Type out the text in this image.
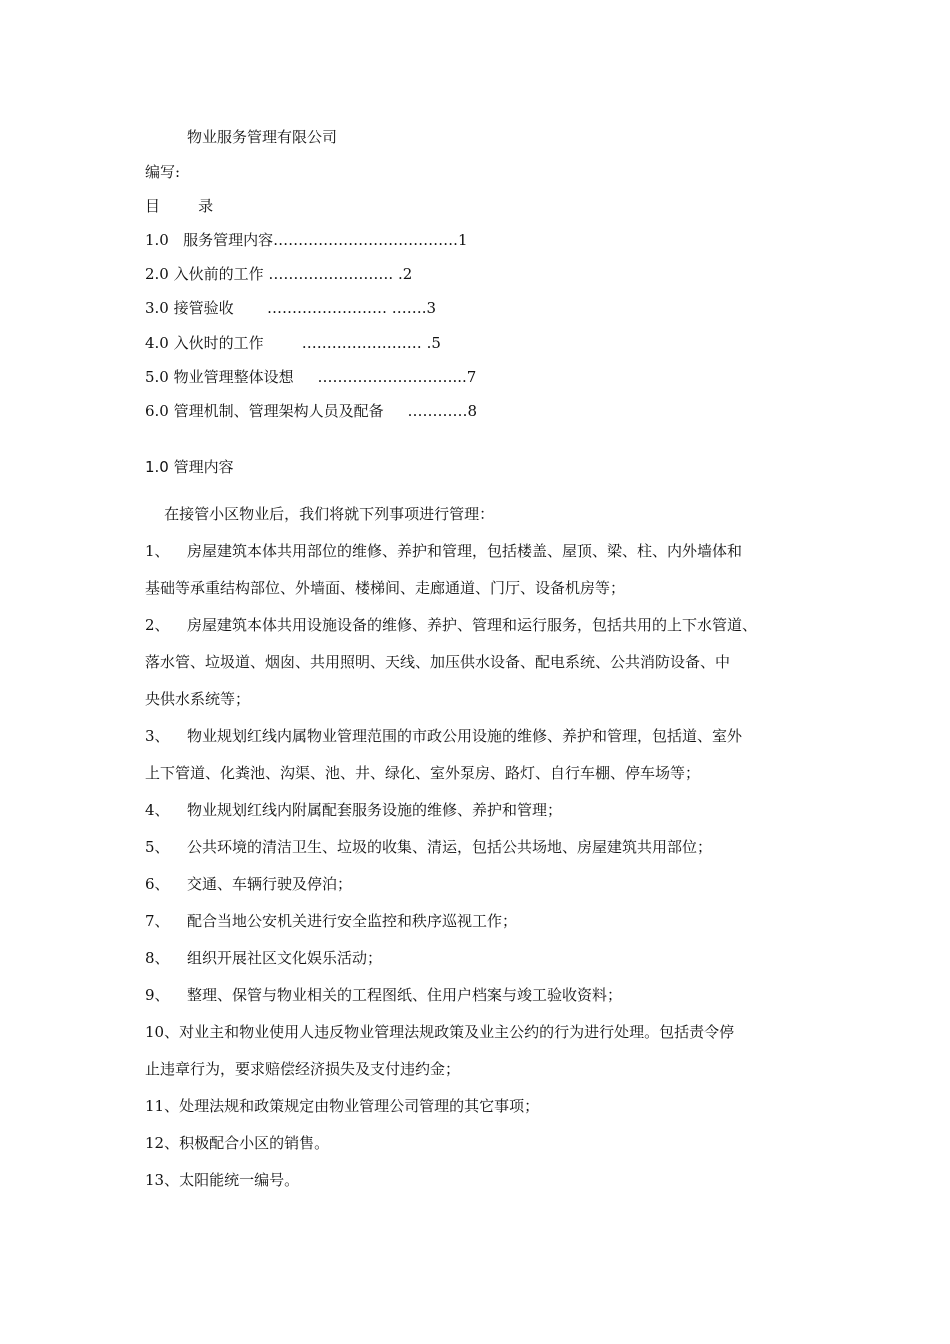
物业服务管理有限公司
编写:
目        录
1.0   服务管理内容……………………………….1
2.0 入伙前的工作 ……………………. .2
3.0 接管验收       …………………… …….3
4.0 入伙时的工作        …………………… .5
5.0 物业管理整体设想     ………………………...7
6.0 管理机制、管理架构人员及配备     …………8
1.0 管理内容
在接管小区物业后，我们将就下列事项进行管理：
1、 房屋建筑本体共用部位的维修、养护和管理，包括楼盖、屋顶、梁、柱、内外墙体和
基础等承重结构部位、外墙面、楼梯间、走廊通道、门厅、设备机房等；
2、 房屋建筑本体共用设施设备的维修、养护、管理和运行服务，包括共用的上下水管道、
落水管、垃圾道、烟囱、共用照明、天线、加压供水设备、配电系统、公共消防设备、中
央供水系统等；
3、 物业规划红线内属物业管理范围的市政公用设施的维修、养护和管理，包括道、室外
上下管道、化粪池、沟渠、池、井、绿化、室外泵房、路灯、自行车棚、停车场等；
4、 物业规划红线内附属配套服务设施的维修、养护和管理；
5、 公共环境的清洁卫生、垃圾的收集、清运，包括公共场地、房屋建筑共用部位；
6、 交通、车辆行驶及停泊；
7、 配合当地公安机关进行安全监控和秩序巡视工作；
8、 组织开展社区文化娱乐活动；
9、 整理、保管与物业相关的工程图纸、住用户档案与竣工验收资料；
10、对业主和物业使用人违反物业管理法规政策及业主公约的行为进行处理。包括责令停
止违章行为，要求赔偿经济损失及支付违约金；
11、处理法规和政策规定由物业管理公司管理的其它事项；
12、积极配合小区的销售。
13、太阳能统一编号。
